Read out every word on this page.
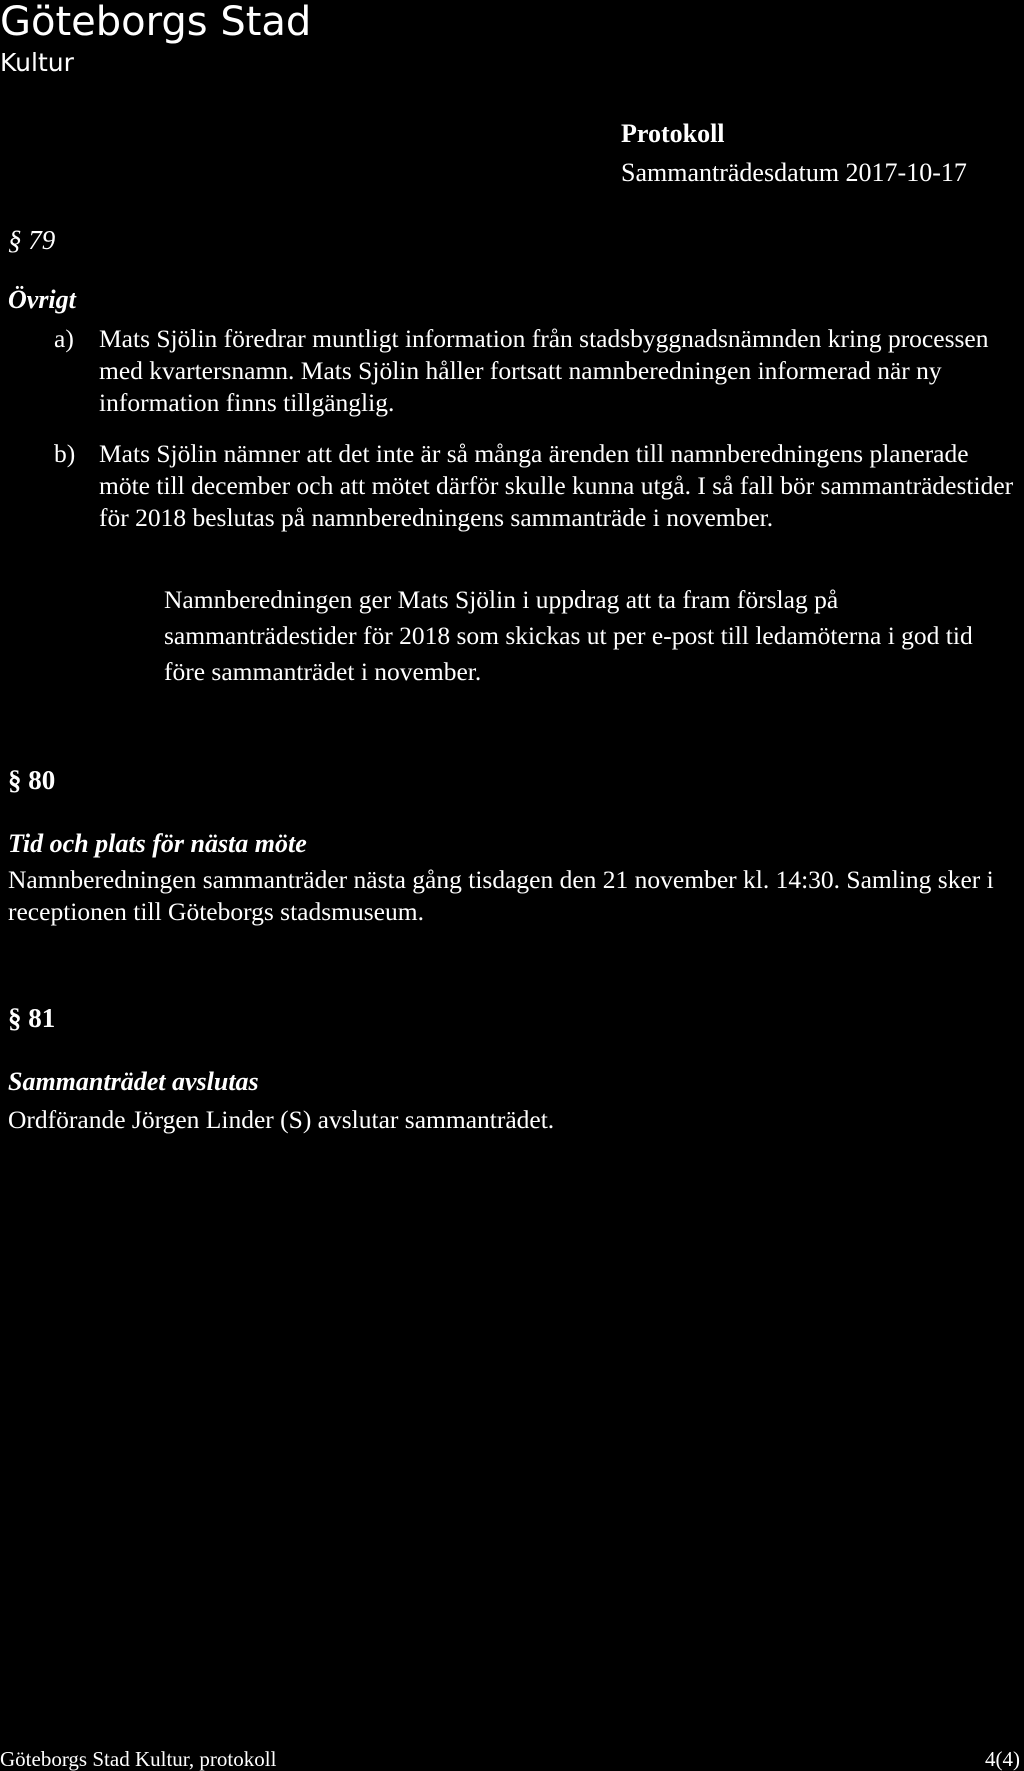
Göteborgs Stad
Kultur
Protokoll
Sammanträdesdatum 2017-10-17
§ 79
Övrigt
a) Mats Sjölin föredrar muntligt information från stadsbyggnadsnämnden kring processen med kvartersnamn. Mats Sjölin håller fortsatt namnberedningen informerad när ny information finns tillgänglig.
b) Mats Sjölin nämner att det inte är så många ärenden till namnberedningens planerade möte till december och att mötet därför skulle kunna utgå. I så fall bör sammanträdestider för 2018 beslutas på namnberedningens sammanträde i november.
Namnberedningen ger Mats Sjölin i uppdrag att ta fram förslag på sammanträdestider för 2018 som skickas ut per e-post till ledamöterna i god tid före sammanträdet i november.
§ 80
Tid och plats för nästa möte
Namnberedningen sammanträder nästa gång tisdagen den 21 november kl. 14:30. Samling sker i receptionen till Göteborgs stadsmuseum.
§ 81
Sammanträdet avslutas
Ordförande Jörgen Linder (S) avslutar sammanträdet.
Göteborgs Stad Kultur, protokoll	4(4)
